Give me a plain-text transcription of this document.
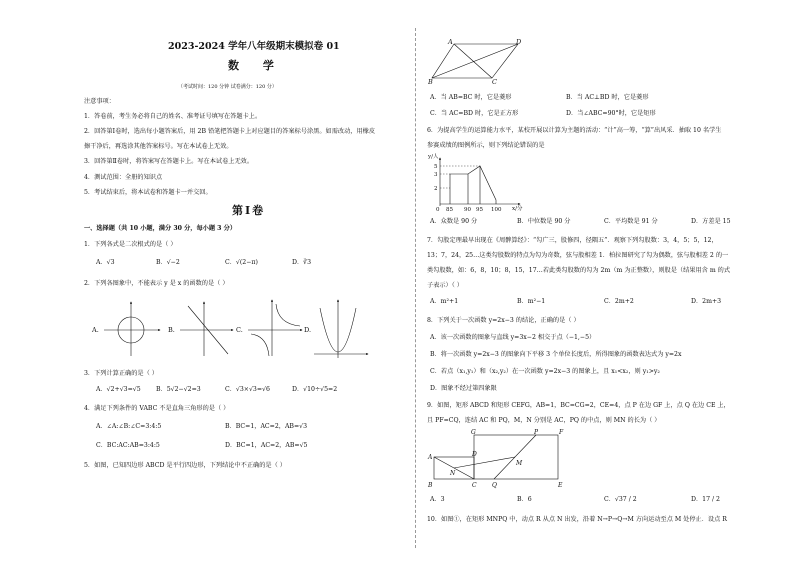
2023-2024 学年八年级期末模拟卷 01
数 学
（考试时间：120 分钟 试卷满分：120 分）
注意事项：
1．答卷前，考生务必将自己的姓名、准考证号填写在答题卡上。
2．回答第Ⅰ卷时，选出每小题答案后，用 2B 铅笔把答题卡上对应题目的答案标号涂黑。如需改动，用橡皮
擦干净后，再选涂其他答案标号。写在本试卷上无效。
3．回答第Ⅱ卷时，将答案写在答题卡上。写在本试卷上无效。
4．测试范围：全册的知识点
5．考试结束后，将本试卷和答题卡一并交回。
第Ⅰ卷
一、选择题（共 10 小题，满分 30 分，每小题 3 分）
1．下列各式是二次根式的是（ ）
A．√3	B．√−2	C．√(2−π)	D．∛3
2．下列各图象中，不能表示 y 是 x 的函数的是（ ）
A.	B.	C.	D.
3．下列计算正确的是（ ）
A．√2+√3=√5 B．5√2−√2=3	C．√3×√3=√6	D．√10÷√5=2
4．满足下列条件的 VABC 不是直角三角形的是（ ）
A．∠A:∠B:∠C=3:4:5	B．BC=1，AC=2，AB=√3
C．BC:AC:AB=3:4:5	D．BC=1，AC=2，AB=√5
5．如图，已知四边形 ABCD 是平行四边形，下列结论中不正确的是（ ）
A	D
B	C
A．当 AB=BC 时，它是菱形	B．当 AC⊥BD 时，它是菱形
C．当 AC=BD 时，它是正方形	D．当∠ABC=90°时，它是矩形
6．为提高学生的运算能力水平，某校开展以计算为主题的活动：“计”高一筹，“算”出风采．抽取 10 名学生
参赛成绩的图例所示，则下列结论错误的是
y/人
x/分
5
3
2
0 85 90 95 100
A．众数是 90 分	B．中位数是 90 分	C．平均数是 91 分	D．方差是 15
7．勾股定理最早出现在《周髀算经》：“勾广三，股修四，径隅五”．观察下列勾股数：3，4，5；5，12，
13；7，24，25…这类勾股数的特点为勾为奇数，弦与股相差 1．柏拉图研究了勾为偶数，弦与股相差 2 的一
类勾股数，如：6，8，10；8，15，17…若此类勾股数的勾为 2m（m 为正整数），则股是（结果用含 m 的式
子表示）（ ）
A．m²+1	B．m²−1	C．2m+2	D．2m+3
8．下列关于一次函数 y=2x−3 的结论，正确的是（ ）
A．该一次函数的图象与直线 y=3x−2 相交于点（−1,−5）
B．将一次函数 y=2x−3 的图象向下平移 3 个单位长度后，所得图象的函数表达式为 y=2x
C．若点（x₁,y₁）和（x₂,y₂）在一次函数 y=2x−3 的图象上，且 x₁<x₂，则 y₁>y₂
D．图象不经过第四象限
9．如图，矩形 ABCD 和矩形 CEFG，AB=1，BC=CG=2，CE=4，点 P 在边 GF 上，点 Q 在边 CE 上，
且 PF=CQ，连结 AC 和 PQ，M，N 分别是 AC，PQ 的中点，则 MN 的长为（ ）
A
B	C
D
G	P	F
N
M
Q	E
A．3	B．6	C．√37 / 2	D．17 / 2
10．如图①，在矩形 MNPQ 中，动点 R 从点 N 出发，沿着 N→P→Q→M 方向运动至点 M 处停止．设点 R
